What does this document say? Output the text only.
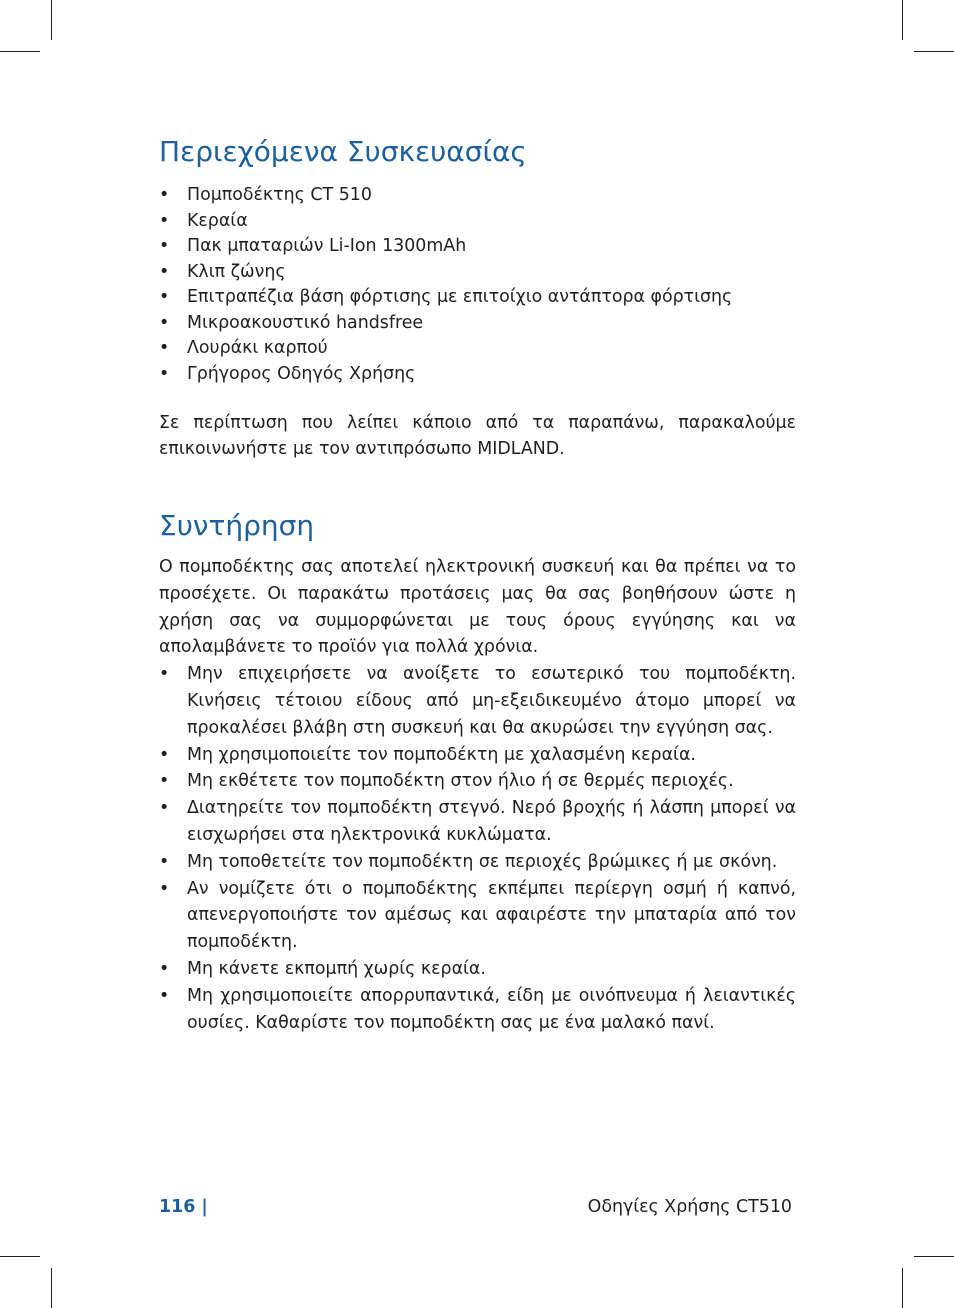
Περιεχόμενα Συσκευασίας
• Πομποδέκτης CT 510
• Κεραία
• Πακ μπαταριών Li-Ion 1300mAh
• Κλιπ ζώνης
• Επιτραπέζια βάση φόρτισης με επιτοίχιο αντάπτορα φόρτισης
• Μικροακουστικό handsfree
• Λουράκι καρπού
• Γρήγορος Οδηγός Χρήσης

Σε περίπτωση που λείπει κάποιο από τα παραπάνω, παρακαλούμε επικοινωνήστε με τον αντιπρόσωπο MIDLAND.

Συντήρηση

Ο πομποδέκτης σας αποτελεί ηλεκτρονική συσκευή και θα πρέπει να το προσέχετε. Οι παρακάτω προτάσεις μας θα σας βοηθήσουν ώστε η χρήση σας να συμμορφώνεται με τους όρους εγγύησης και να απολαμβάνετε το προϊόν για πολλά χρόνια.

• Μην επιχειρήσετε να ανοίξετε το εσωτερικό του πομποδέκτη. Κινήσεις τέτοιου είδους από μη-εξειδικευμένο άτομο μπορεί να προκαλέσει βλάβη στη συσκευή και θα ακυρώσει την εγγύηση σας.
• Μη χρησιμοποιείτε τον πομποδέκτη με χαλασμένη κεραία.
• Μη εκθέτετε τον πομποδέκτη στον ήλιο ή σε θερμές περιοχές.
• Διατηρείτε τον πομποδέκτη στεγνό. Νερό βροχής ή λάσπη μπορεί να εισχωρήσει στα ηλεκτρονικά κυκλώματα.
• Μη τοποθετείτε τον πομποδέκτη σε περιοχές βρώμικες ή με σκόνη.
• Αν νομίζετε ότι ο πομποδέκτης εκπέμπει περίεργη οσμή ή καπνό, απενεργοποιήστε τον αμέσως και αφαιρέστε την μπαταρία από τον πομποδέκτη.
• Μη κάνετε εκπομπή χωρίς κεραία.
• Μη χρησιμοποιείτε απορρυπαντικά, είδη με οινόπνευμα ή λειαντικές ουσίες. Καθαρίστε τον πομποδέκτη σας με ένα μαλακό πανί.
116 |	Οδηγίες Χρήσης CT510
